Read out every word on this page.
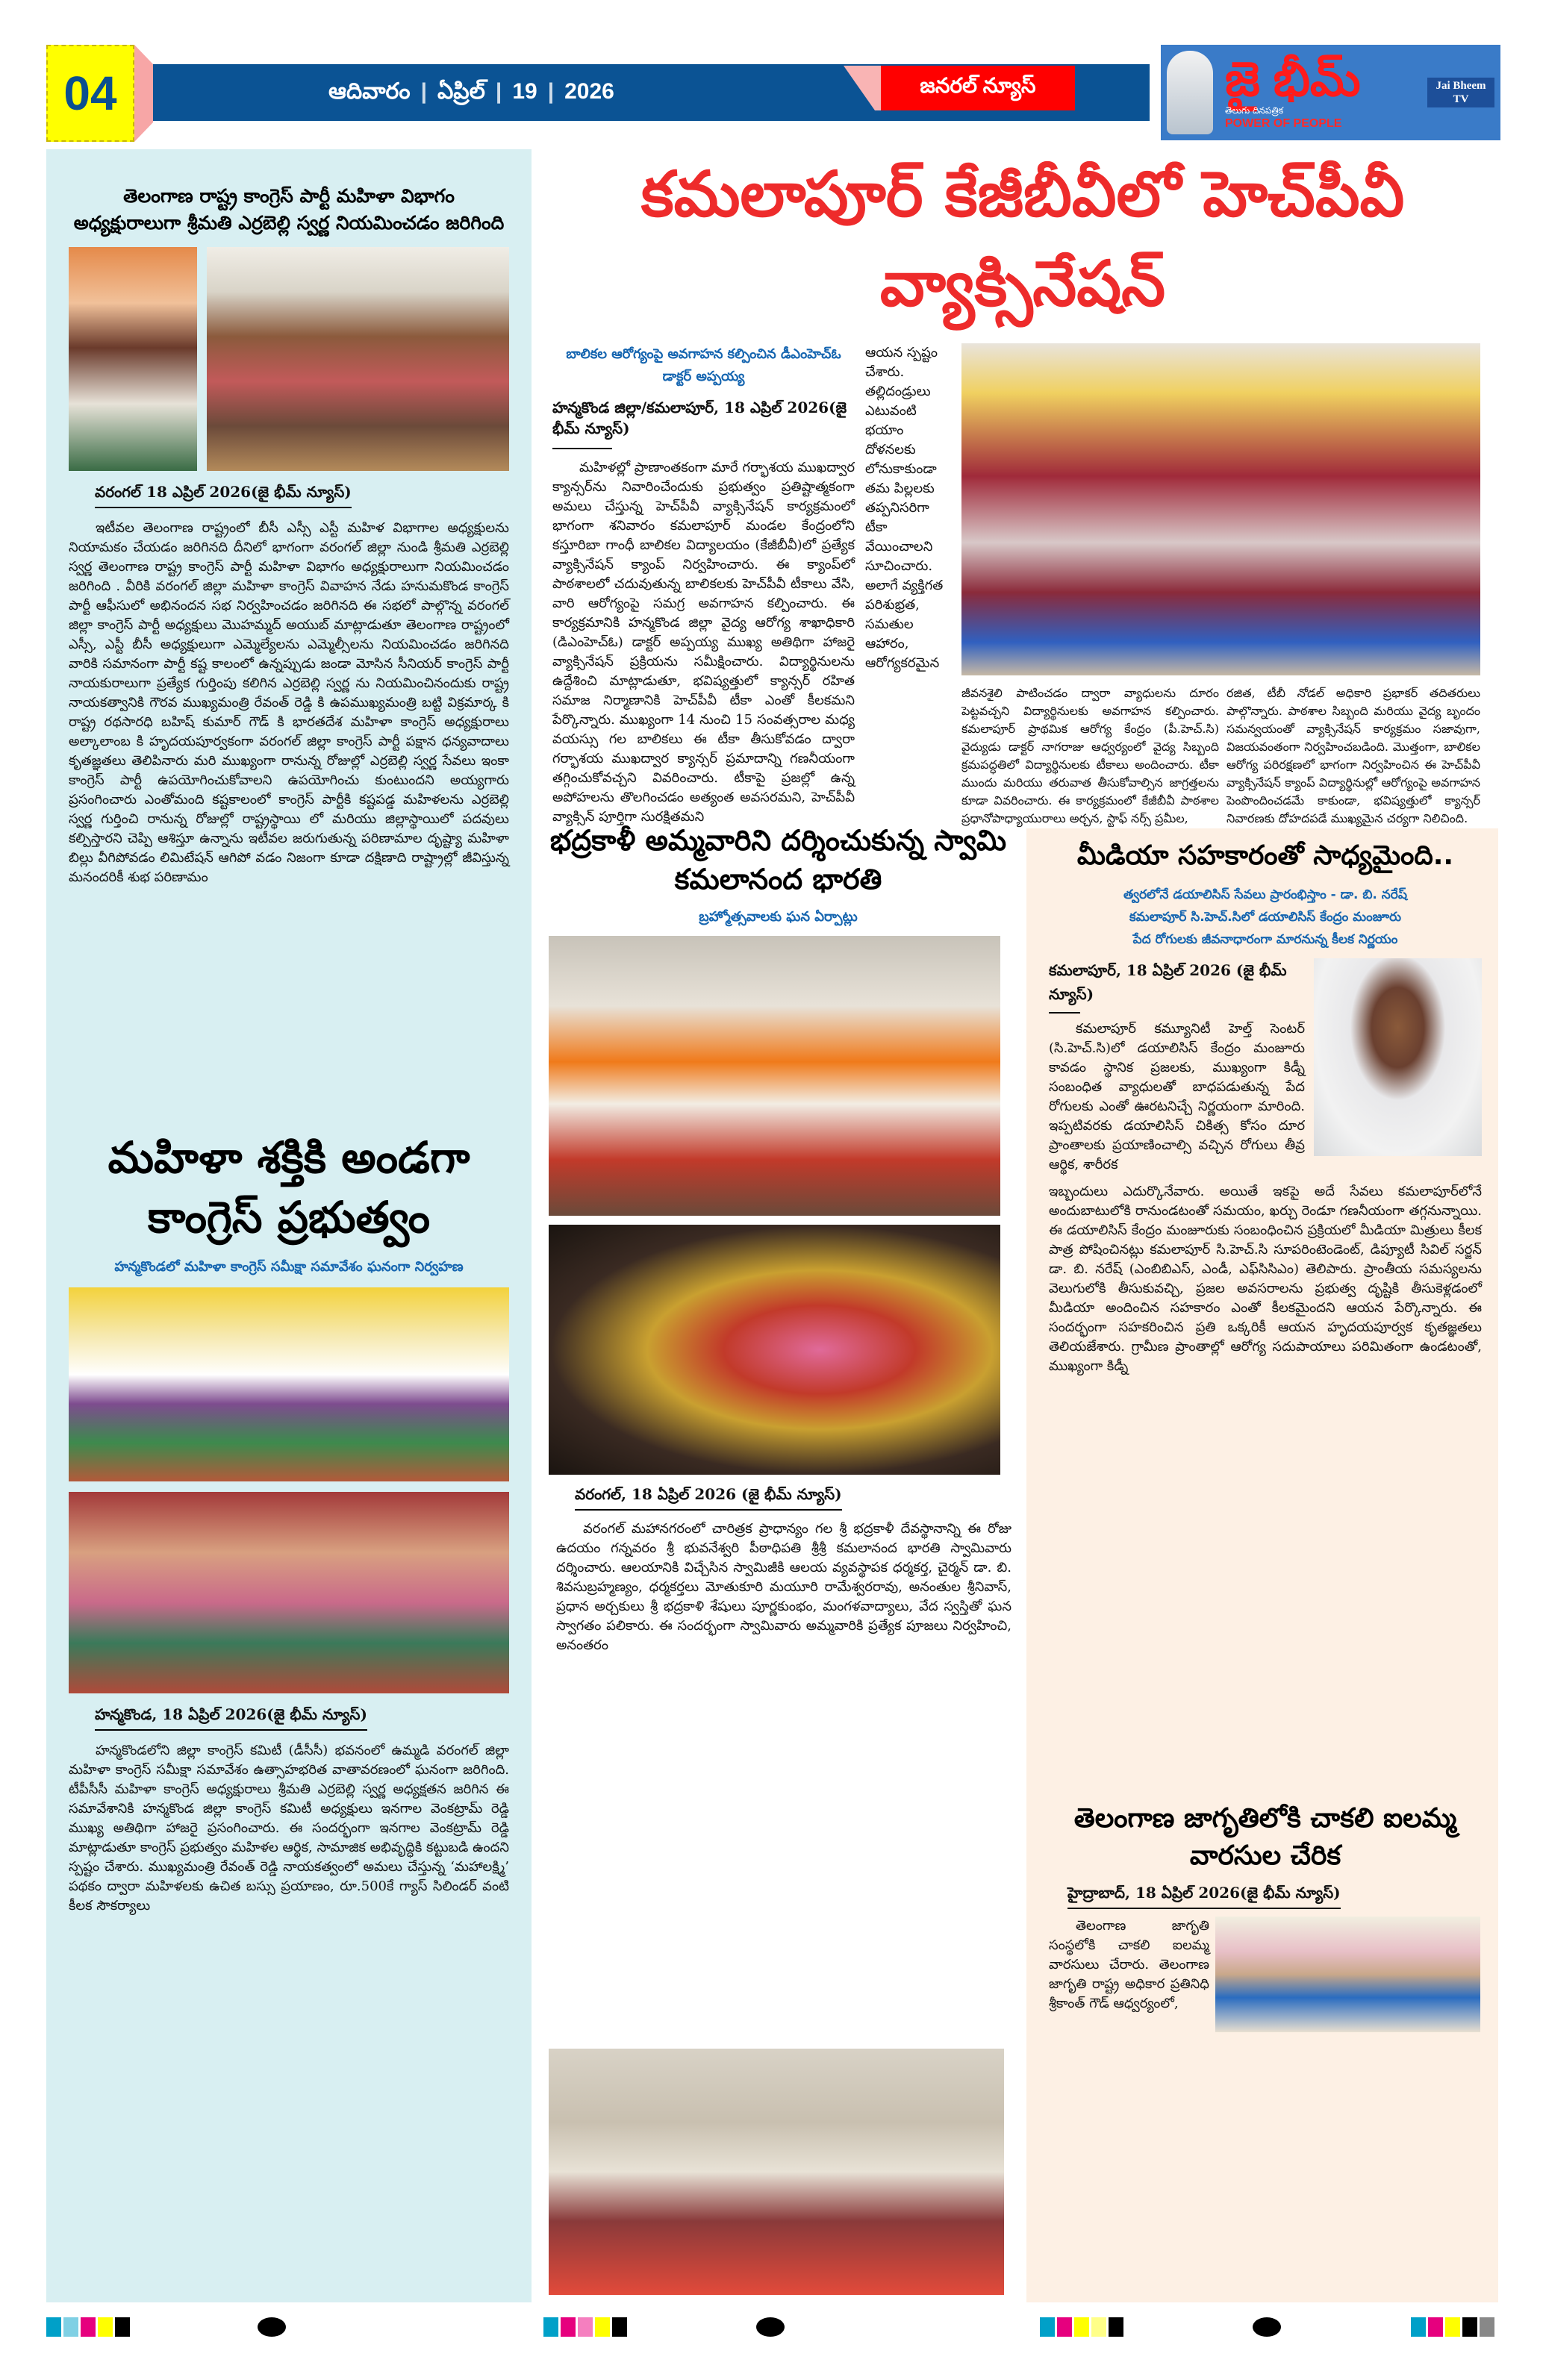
04	ఆదివారం | ఏప్రిల్ | 19 | 2026	జనరల్ న్యూస్	జై భీమ్
తెలుగు దినపత్రిక
POWER OF PEOPLE
Jai Bheem TV
తెలంగాణ రాష్ట్ర కాంగ్రెస్ పార్టీ మహిళా విభాగం అధ్యక్షురాలుగా శ్రీమతి ఎర్రబెల్లి స్వర్ణ నియమించడం జరిగింది
వరంగల్ 18 ఎప్రిల్ 2026(జై భీమ్ న్యూస్)

ఇటీవల తెలంగాణ రాష్ట్రంలో బీసీ ఎస్సీ ఎస్టీ మహిళ విభాగాల అధ్యక్షులను నియామకం చేయడం జరిగినది దీనిలో భాగంగా వరంగల్ జిల్లా నుండి శ్రీమతి ఎర్రబెల్లి స్వర్ణ తెలంగాణ రాష్ట్ర కాంగ్రెస్ పార్టీ మహిళా విభాగం అధ్యక్షురాలుగా నియమించడం జరిగింది . వీరికి వరంగల్ జిల్లా మహిళా కాంగ్రెస్ వివాహన నేడు హనుమకొండ కాంగ్రెస్ పార్టీ ఆఫీసులో అభినందన సభ నిర్వహించడం జరిగినది ఈ సభలో పాల్గొన్న వరంగల్ జిల్లా కాంగ్రెస్ పార్టీ అధ్యక్షులు మొహమ్మద్ అయుబ్ మాట్లాడుతూ తెలంగాణ రాష్ట్రంలో ఎస్సీ, ఎస్టీ బీసీ అధ్యక్షులుగా ఎమ్మెల్యేలను ఎమ్మెల్సీలను నియమించడం జరిగినది వారికి సమానంగా పార్టీ కష్ట కాలంలో ఉన్నప్పుడు జండా మోసిన సీనియర్ కాంగ్రెస్ పార్టీ నాయకురాలుగా ప్రత్యేక గుర్తింపు కలిగిన ఎర్రబెల్లి స్వర్ణ ను నియమించినందుకు రాష్ట్ర నాయకత్వానికి గౌరవ ముఖ్యమంత్రి రేవంత్ రెడ్డి కి ఉపముఖ్యమంత్రి బట్టి విక్రమార్క కి రాష్ట్ర రథసారధి బహిష్ కుమార్ గౌడ్ కి భారతదేశ మహిళా కాంగ్రెస్ అధ్యక్షురాలు అల్కాలాంబ కి హృదయపూర్వకంగా వరంగల్ జిల్లా కాంగ్రెస్ పార్టీ పక్షాన ధన్యవాదాలు కృతజ్ఞతలు తెలిపినారు మరి ముఖ్యంగా రానున్న రోజుల్లో ఎర్రబెల్లి స్వర్ణ సేవలు ఇంకా కాంగ్రెస్ పార్టీ ఉపయోగించుకోవాలని ఉపయోగించు కుంటుందని అయ్యగారు ప్రసంగించారు ఎంతోమంది కష్టకాలంలో కాంగ్రెస్ పార్టీకి కష్టపడ్డ మహిళలను ఎర్రబెల్లి స్వర్ణ గుర్తించి రానున్న రోజుల్లో రాష్ట్రస్థాయి లో మరియు జిల్లాస్థాయిలో పదవులు కల్పిస్తారని చెప్పి ఆశిస్తూ ఉన్నాను ఇటీవల జరుగుతున్న పరిణామాల దృష్ట్యా మహిళా బిల్లు వీగిపోవడం లిమిటేషన్ ఆగిపో వడం నిజంగా కూడా దక్షిణాది రాష్ట్రాల్లో జీవిస్తున్న మనందరికీ శుభ పరిణామం

మహిళా శక్తికి అండగా కాంగ్రెస్ ప్రభుత్వం
హన్మకొండలో మహిళా కాంగ్రెస్ సమీక్షా సమావేశం ఘనంగా నిర్వహణ
హన్మకొండ, 18 ఏప్రిల్ 2026(జై భీమ్ న్యూస్)

హన్మకొండలోని జిల్లా కాంగ్రెస్ కమిటీ (డీసీసీ) భవనంలో ఉమ్మడి వరంగల్ జిల్లా మహిళా కాంగ్రెస్ సమీక్షా సమావేశం ఉత్సాహభరిత వాతావరణంలో ఘనంగా జరిగింది. టీపీసీసీ మహిళా కాంగ్రెస్ అధ్యక్షురాలు శ్రీమతి ఎర్రబెల్లి స్వర్ణ అధ్యక్షతన జరిగిన ఈ సమావేశానికి హన్మకొండ జిల్లా కాంగ్రెస్ కమిటీ అధ్యక్షులు ఇనగాల వెంకట్రామ్ రెడ్డి ముఖ్య అతిథిగా హాజరై ప్రసంగించారు. ఈ సందర్భంగా ఇనగాల వెంకట్రామ్ రెడ్డి మాట్లాడుతూ కాంగ్రెస్ ప్రభుత్వం మహిళల ఆర్థిక, సామాజిక అభివృద్ధికి కట్టుబడి ఉందని స్పష్టం చేశారు. ముఖ్యమంత్రి రేవంత్ రెడ్డి నాయకత్వంలో అమలు చేస్తున్న ‘మహాలక్ష్మి’ పథకం ద్వారా మహిళలకు ఉచిత బస్సు ప్రయాణం, రూ.500కే గ్యాస్ సిలిండర్ వంటి కీలక సౌకర్యాలు

కమలాపూర్ కేజీబీవీలో హెచ్‌పీవీ వ్యాక్సినేషన్
బాలికల ఆరోగ్యంపై అవగాహన కల్పించిన డీఎంహెచ్ఓ డాక్టర్ అప్పయ్య
హన్మకొండ జిల్లా/కమలాపూర్, 18 ఎప్రిల్ 2026(జై భీమ్ న్యూస్)

మహిళల్లో ప్రాణాంతకంగా మారే గర్భాశయ ముఖద్వార క్యాన్సర్‌ను నివారించేందుకు ప్రభుత్వం ప్రతిష్టాత్మకంగా అమలు చేస్తున్న హెచ్‌పీవీ వ్యాక్సినేషన్ కార్యక్రమంలో భాగంగా శనివారం కమలాపూర్ మండల కేంద్రంలోని కస్తూరిబా గాంధీ బాలికల విద్యాలయం (కేజీబీవీ)లో ప్రత్యేక వ్యాక్సినేషన్ క్యాంప్ నిర్వహించారు. ఈ క్యాంప్‌లో పాఠశాలలో చదువుతున్న బాలికలకు హెచ్‌పీవీ టీకాలు వేసి, వారి ఆరోగ్యంపై సమగ్ర అవగాహన కల్పించారు. ఈ కార్యక్రమానికి హన్మకొండ జిల్లా వైద్య ఆరోగ్య శాఖాధికారి (డిఎంహెచ్ఓ) డాక్టర్ అప్పయ్య ముఖ్య అతిథిగా హాజరై వ్యాక్సినేషన్ ప్రక్రియను సమీక్షించారు. విద్యార్థినులను ఉద్దేశించి మాట్లాడుతూ, భవిష్యత్తులో క్యాన్సర్ రహిత సమాజ నిర్మాణానికి హెచ్‌పీవీ టీకా ఎంతో కీలకమని పేర్కొన్నారు. ముఖ్యంగా 14 నుంచి 15 సంవత్సరాల మధ్య వయస్సు గల బాలికలు ఈ టీకా తీసుకోవడం ద్వారా గర్భాశయ ముఖద్వార క్యాన్సర్ ప్రమాదాన్ని గణనీయంగా తగ్గించుకోవచ్చని వివరించారు. టీకాపై ప్రజల్లో ఉన్న అపోహలను తొలగించడం అత్యంత అవసరమని, హెచ్‌పీవీ వ్యాక్సిన్ పూర్తిగా సురక్షితమని

ఆయన స్పష్టం చేశారు. తల్లిదండ్రులు ఎటువంటి భయాం దోళనలకు లోనుకాకుండా తమ పిల్లలకు తప్పనిసరిగా టీకా వేయించాలని సూచించారు. అలాగే వ్యక్తిగత పరిశుభ్రత, సమతుల ఆహారం, ఆరోగ్యకరమైన

జీవనశైలి పాటించడం ద్వారా వ్యాధులను దూరం పెట్టవచ్చని విద్యార్థినులకు అవగాహన కల్పించారు. కమలాపూర్ ప్రాథమిక ఆరోగ్య కేంద్రం (పీ.హెచ్.సి) వైద్యుడు డాక్టర్ నాగరాజు ఆధ్వర్యంలో వైద్య సిబ్బంది క్రమపద్ధతిలో విద్యార్థినులకు టీకాలు అందించారు. టీకా ముందు మరియు తరువాత తీసుకోవాల్సిన జాగ్రత్తలను కూడా వివరించారు. ఈ కార్యక్రమంలో కేజీబీవీ పాఠశాల ప్రధానోపాధ్యాయురాలు అర్చన, స్టాఫ్ నర్స్ ప్రమీల,

రజిత, టీబీ నోడల్ అధికారి ప్రభాకర్ తదితరులు పాల్గొన్నారు. పాఠశాల సిబ్బంది మరియు వైద్య బృందం సమన్వయంతో వ్యాక్సినేషన్ కార్యక్రమం సజావుగా, విజయవంతంగా నిర్వహించబడింది. మొత్తంగా, బాలికల ఆరోగ్య పరిరక్షణలో భాగంగా నిర్వహించిన ఈ హెచ్‌పీవీ వ్యాక్సినేషన్ క్యాంప్ విద్యార్థినుల్లో ఆరోగ్యంపై అవగాహన పెంపొందించడమే కాకుండా, భవిష్యత్తులో క్యాన్సర్ నివారణకు దోహదపడే ముఖ్యమైన చర్యగా నిలిచింది.

భద్రకాళీ అమ్మవారిని దర్శించుకున్న స్వామి కమలానంద భారతి
బ్రహ్మోత్సవాలకు ఘన ఏర్పాట్లు
వరంగల్, 18 ఏప్రిల్ 2026 (జై భీమ్ న్యూస్)

వరంగల్ మహానగరంలో చారిత్రక ప్రాధాన్యం గల శ్రీ భద్రకాళీ దేవస్థానాన్ని ఈ రోజు ఉదయం గన్నవరం శ్రీ భువనేశ్వరి పీఠాధిపతి శ్రీశ్రీ కమలానంద భారతి స్వామివారు దర్శించారు. ఆలయానికి విచ్చేసిన స్వామిజీకి ఆలయ వ్యవస్థాపక ధర్మకర్త, చైర్మన్ డా. బి. శివసుబ్రహ్మణ్యం, ధర్మకర్తలు మోతుకూరి మయూరి రామేశ్వరరావు, అనంతుల శ్రీనివాస్, ప్రధాన అర్చకులు శ్రీ భద్రకాళి శేషులు పూర్ణకుంభం, మంగళవాద్యాలు, వేద స్వస్తితో ఘన స్వాగతం పలికారు. ఈ సందర్భంగా స్వామివారు అమ్మవారికి ప్రత్యేక పూజలు నిర్వహించి, అనంతరం

మీడియా సహకారంతో సాధ్యమైంది..
త్వరలోనే డయాలిసిస్ సేవలు ప్రారంభిస్తాం - డా. బి. నరేష్
కమలాపూర్ సి.హెచ్.సిలో డయాలిసిస్ కేంద్రం మంజూరు
పేద రోగులకు జీవనాధారంగా మారనున్న కీలక నిర్ణయం
కమలాపూర్, 18 ఏప్రిల్ 2026 (జై భీమ్ న్యూస్)

కమలాపూర్ కమ్యూనిటీ హెల్త్ సెంటర్ (సి.హెచ్.సి)లో డయాలిసిస్ కేంద్రం మంజూరు కావడం స్థానిక ప్రజలకు, ముఖ్యంగా కిడ్నీ సంబంధిత వ్యాధులతో బాధపడుతున్న పేద రోగులకు ఎంతో ఊరటనిచ్చే నిర్ణయంగా మారింది. ఇప్పటివరకు డయాలిసిస్ చికిత్స కోసం దూర ప్రాంతాలకు ప్రయాణించాల్సి వచ్చిన రోగులు తీవ్ర ఆర్థిక, శారీరక

ఇబ్బందులు ఎదుర్కొనేవారు. అయితే ఇకపై అదే సేవలు కమలాపూర్‌లోనే అందుబాటులోకి రానుండటంతో సమయం, ఖర్చు రెండూ గణనీయంగా తగ్గనున్నాయి. ఈ డయాలిసిస్ కేంద్రం మంజూరుకు సంబంధించిన ప్రక్రియలో మీడియా మిత్రులు కీలక పాత్ర పోషించినట్లు కమలాపూర్ సి.హెచ్.సి సూపరింటెండెంట్, డిప్యూటీ సివిల్ సర్జన్ డా. బి. నరేష్ (ఎంబిబిఎస్, ఎండీ, ఎఫ్‌సిసిఎం) తెలిపారు. ప్రాంతీయ సమస్యలను వెలుగులోకి తీసుకువచ్చి, ప్రజల అవసరాలను ప్రభుత్వ దృష్టికి తీసుకెళ్లడంలో మీడియా అందించిన సహకారం ఎంతో కీలకమైందని ఆయన పేర్కొన్నారు. ఈ సందర్భంగా సహకరించిన ప్రతి ఒక్కరికీ ఆయన హృదయపూర్వక కృతజ్ఞతలు తెలియజేశారు. గ్రామీణ ప్రాంతాల్లో ఆరోగ్య సదుపాయాలు పరిమితంగా ఉండటంతో, ముఖ్యంగా కిడ్నీ

తెలంగాణ జాగృతిలోకి చాకలి ఐలమ్మ వారసుల చేరిక
హైద్రాబాద్, 18 ఏప్రిల్ 2026(జై భీమ్ న్యూస్)

తెలంగాణ జాగృతి సంస్థలోకి చాకలి ఐలమ్మ వారసులు చేరారు. తెలంగాణ జాగృతి రాష్ట్ర అధికార ప్రతినిధి శ్రీకాంత్ గౌడ్ ఆధ్వర్యంలో,
